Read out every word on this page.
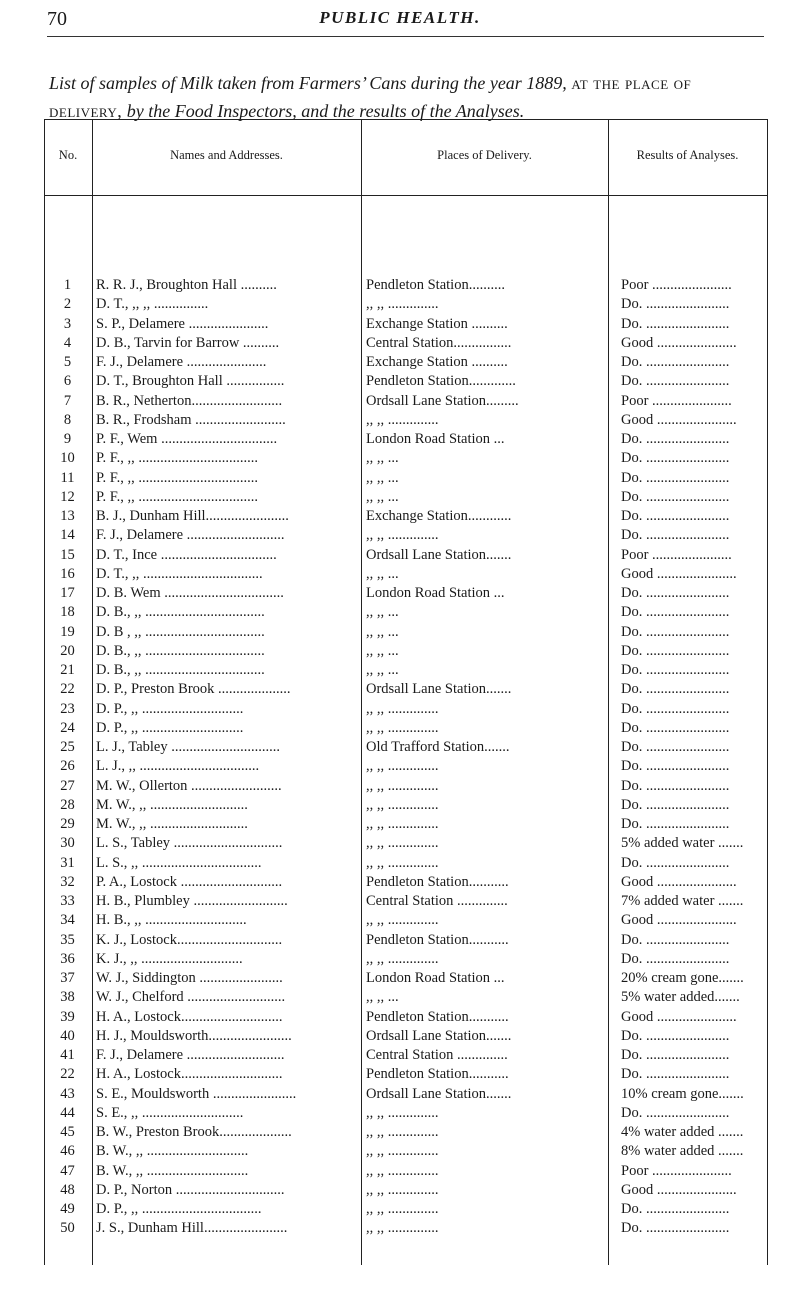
70	PUBLIC HEALTH.
List of samples of Milk taken from Farmers’ Cans during the year 1889, at the place of delivery, by the Food Inspectors, and the results of the Analyses.
No.	Names and Addresses.	Places of Delivery.	Results of Analyses.
1	R. R. J., Broughton Hall ..........	Pendleton Station..........	Poor ......................
2	D. T., ,, ,, ...............	,, ,, ..............	Do. .......................
3	S. P., Delamere ......................	Exchange Station ..........	Do. .......................
4	D. B., Tarvin for Barrow ..........	Central Station................	Good ......................
5	F. J., Delamere ......................	Exchange Station ..........	Do. .......................
6	D. T., Broughton Hall ................	Pendleton Station.............	Do. .......................
7	B. R., Netherton.........................	Ordsall Lane Station.........	Poor ......................
8	B. R., Frodsham .........................	,, ,, ..............	Good ......................
9	P. F., Wem ................................	London Road Station ...	Do. .......................
10	P. F., ,, .................................	,, ,, ...	Do. .......................
11	P. F., ,, .................................	,, ,, ...	Do. .......................
12	P. F., ,, .................................	,, ,, ...	Do. .......................
13	B. J., Dunham Hill.......................	Exchange Station............	Do. .......................
14	F. J., Delamere ...........................	,, ,, ..............	Do. .......................
15	D. T., Ince ................................	Ordsall Lane Station.......	Poor ......................
16	D. T., ,, .................................	,, ,, ...	Good ......................
17	D. B. Wem .................................	London Road Station ...	Do. .......................
18	D. B., ,, .................................	,, ,, ...	Do. .......................
19	D. B , ,, .................................	,, ,, ...	Do. .......................
20	D. B., ,, .................................	,, ,, ...	Do. .......................
21	D. B., ,, .................................	,, ,, ...	Do. .......................
22	D. P., Preston Brook ....................	Ordsall Lane Station.......	Do. .......................
23	D. P., ,, ............................	,, ,, ..............	Do. .......................
24	D. P., ,, ............................	,, ,, ..............	Do. .......................
25	L. J., Tabley ..............................	Old Trafford Station.......	Do. .......................
26	L. J., ,, .................................	,, ,, ..............	Do. .......................
27	M. W., Ollerton .........................	,, ,, ..............	Do. .......................
28	M. W., ,, ...........................	,, ,, ..............	Do. .......................
29	M. W., ,, ...........................	,, ,, ..............	Do. .......................
30	L. S., Tabley ..............................	,, ,, ..............	5% added water .......
31	L. S., ,, .................................	,, ,, ..............	Do. .......................
32	P. A., Lostock ............................	Pendleton Station...........	Good ......................
33	H. B., Plumbley ..........................	Central Station ..............	7% added water .......
34	H. B., ,, ............................	,, ,, ..............	Good ......................
35	K. J., Lostock.............................	Pendleton Station...........	Do. .......................
36	K. J., ,, ............................	,, ,, ..............	Do. .......................
37	W. J., Siddington .......................	London Road Station ...	20% cream gone.......
38	W. J., Chelford ...........................	,, ,, ...	5% water added.......
39	H. A., Lostock............................	Pendleton Station...........	Good ......................
40	H. J., Mouldsworth.......................	Ordsall Lane Station.......	Do. .......................
41	F. J., Delamere ...........................	Central Station ..............	Do. .......................
22	H. A., Lostock............................	Pendleton Station...........	Do. .......................
43	S. E., Mouldsworth .......................	Ordsall Lane Station.......	10% cream gone.......
44	S. E., ,, ............................	,, ,, ..............	Do. .......................
45	B. W., Preston Brook....................	,, ,, ..............	4% water added .......
46	B. W., ,, ............................	,, ,, ..............	8% water added .......
47	B. W., ,, ............................	,, ,, ..............	Poor ......................
48	D. P., Norton ..............................	,, ,, ..............	Good ......................
49	D. P., ,, .................................	,, ,, ..............	Do. .......................
50	J. S., Dunham Hill.......................	,, ,, ..............	Do. .......................
